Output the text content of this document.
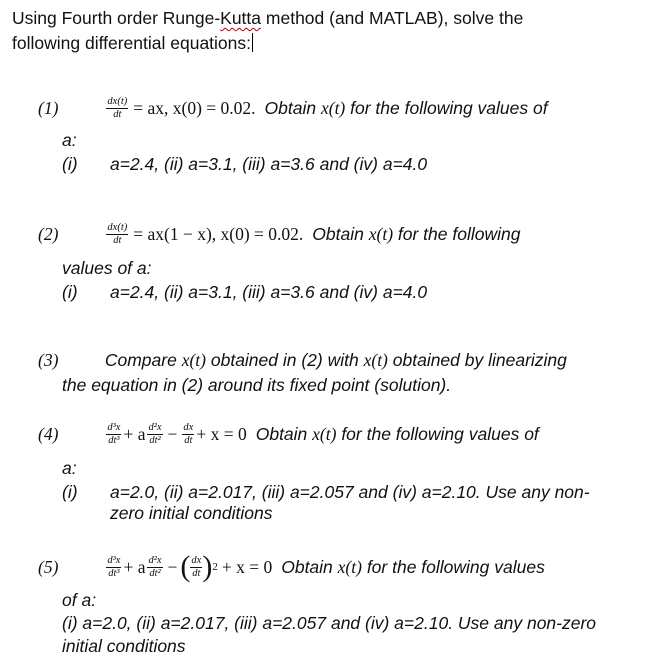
Using Fourth order Runge-Kutta method (and MATLAB), solve the
following differential equations:
(1)	$\frac{dx(t)}{dt}$ = ax, x(0) = 0.02. Obtain x(t) for the following values of
a:
(i) a=2.4, (ii) a=3.1, (iii) a=3.6 and (iv) a=4.0
(2)	$\frac{dx(t)}{dt} = ax(1 - x)$, x(0) = 0.02. Obtain x(t) for the following
values of a:
(i) a=2.4, (ii) a=3.1, (iii) a=3.6 and (iv) a=4.0
(3)	Compare x(t) obtained in (2) with x(t) obtained by linearizing
the equation in (2) around its fixed point (solution).
(4)	$\frac{\text{d³x}}{\text{dt³}} + a \frac{\text{d²x}}{\text{dt²}} - \frac{dx}{dt} + x = 0$ Obtain x(t) for the following values of
a:
(i) a=2.0, (ii) a=2.017, (iii) a=2.057 and (iv) a=2.10. Use any non-
zero initial conditions
(5)	$\frac{\text{d³x}}{\text{dt³}} + a \frac{\text{d²x}}{\text{dt²}}$ − ( $\frac{dx}{dt}$ ) 2 + x = 0 Obtain x(t) for the following values
of a:
(i) a=2.0, (ii) a=2.017, (iii) a=2.057 and (iv) a=2.10. Use any non-zero
initial conditions
